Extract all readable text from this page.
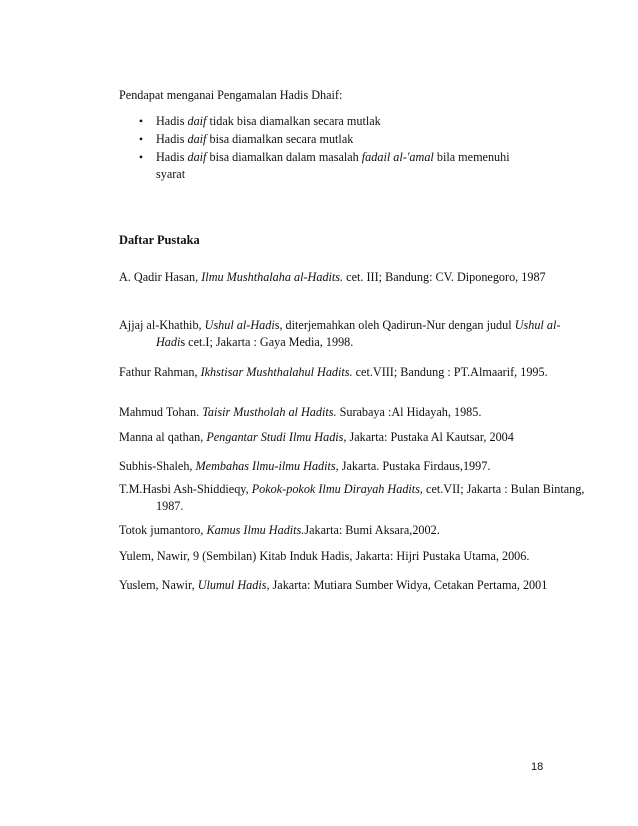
Pendapat menganai Pengamalan Hadis Dhaif:

• Hadis daif tidak bisa diamalkan secara mutlak
• Hadis daif bisa diamalkan secara mutlak
• Hadis daif bisa diamalkan dalam masalah fadail al-'amal bila memenuhi syarat
Daftar Pustaka

A. Qadir Hasan, Ilmu Mushthalaha al-Hadits. cet. III; Bandung: CV. Diponegoro, 1987

Ajjaj al-Khathib, Ushul al-Hadis, diterjemahkan oleh Qadirun-Nur dengan judul Ushul al- Hadis cet.I; Jakarta : Gaya Media, 1998.

Fathur Rahman, Ikhstisar Mushthalahul Hadits. cet.VIII; Bandung : PT.Almaarif, 1995.

Mahmud Tohan. Taisir Mustholah al Hadits. Surabaya :Al Hidayah, 1985.

Manna al qathan, Pengantar Studi Ilmu Hadis, Jakarta: Pustaka Al Kautsar, 2004

Subhis-Shaleh, Membahas Ilmu-ilmu Hadits, Jakarta. Pustaka Firdaus,1997.

T.M.Hasbi Ash-Shiddieqy, Pokok-pokok Ilmu Dirayah Hadits, cet.VII; Jakarta : Bulan Bintang, 1987.

Totok jumantoro, Kamus Ilmu Hadits.Jakarta: Bumi Aksara,2002.

Yulem, Nawir, 9 (Sembilan) Kitab Induk Hadis, Jakarta: Hijri Pustaka Utama, 2006.

Yuslem, Nawir, Ulumul Hadis, Jakarta: Mutiara Sumber Widya, Cetakan Pertama, 2001

18
